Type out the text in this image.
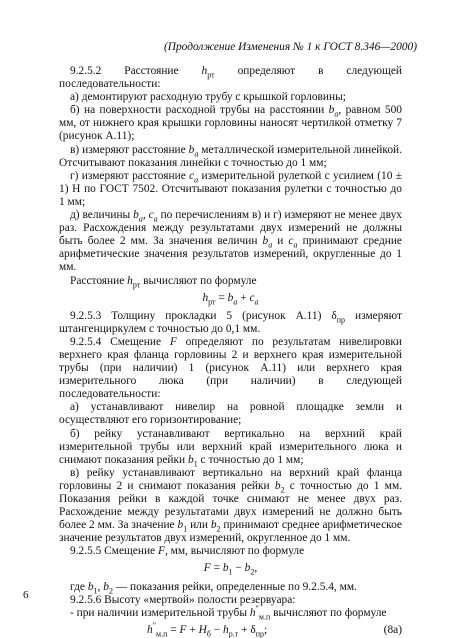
(Продолжение Изменения № 1 к ГОСТ 8.346—2000)

9.2.5.2 Расстояние $h_{рт}$ определяют в следующей последовательности:

а) демонтируют расходную трубу с крышкой горловины;

б) на поверхности расходной трубы на расстоянии $b_a$, равном 500 мм, от нижнего края крышки горловины наносят чертилкой отметку 7 (рисунок А.11);

в) измеряют расстояние $b_a$ металлической измерительной линейкой. Отсчитывают показания линейки с точностью до 1 мм;

г) измеряют расстояние $c_a$ измерительной рулеткой с усилием (10 ± 1) Н по ГОСТ 7502. Отсчитывают показания рулетки с точностью до 1 мм;

д) величины $b_a$, $c_a$ по перечислениям в) и г) измеряют не менее двух раз. Расхождения между результатами двух измерений не должны быть более 2 мм. За значения величин $b_a$ и $c_a$ принимают средние арифметические значения результатов измерений, округленные до 1 мм.

Расстояние $h_{рт}$ вычисляют по формуле

$h_{рт} = b_a + c_a$

9.2.5.3 Толщину прокладки 5 (рисунок А.11) $\delta_{пр}$ измеряют штангенциркулем с точностью до 0,1 мм.

9.2.5.4 Смещение F определяют по результатам нивелировки верхнего края фланца горловины 2 и верхнего края измерительной трубы (при наличии) 1 (рисунок А.11) или верхнего края измерительного люка (при наличии) в следующей последовательности:

а) устанавливают нивелир на ровной площадке земли и осуществляют его горизонтирование;

б) рейку устанавливают вертикально на верхний край измерительной трубы или верхний край измерительного люка и снимают показания рейки $b_1$ с точностью до 1 мм;

в) рейку устанавливают вертикально на верхний край фланца горловины 2 и снимают показания рейки $b_2$ с точностью до 1 мм. Показания рейки в каждой точке снимают не менее двух раз. Расхождение между результатами двух измерений не должно быть более 2 мм. За значение $b_1$ или $b_2$ принимают среднее арифметическое значение результатов двух измерений, округленное до 1 мм.

9.2.5.5 Смещение F, мм, вычисляют по формуле

$F = b_1 - b_2$,

где $b_1$, $b_2$ — показания рейки, определенные по 9.2.5.4, мм.

9.2.5.6 Высоту «мертвой» полости резервуара:

- при наличии измерительной трубы $h''_{м.п}$ вычисляют по формуле

$h''_{м.п} = F + H_б - h_{р.т} + \delta_{пр}$;	(8а)

6
